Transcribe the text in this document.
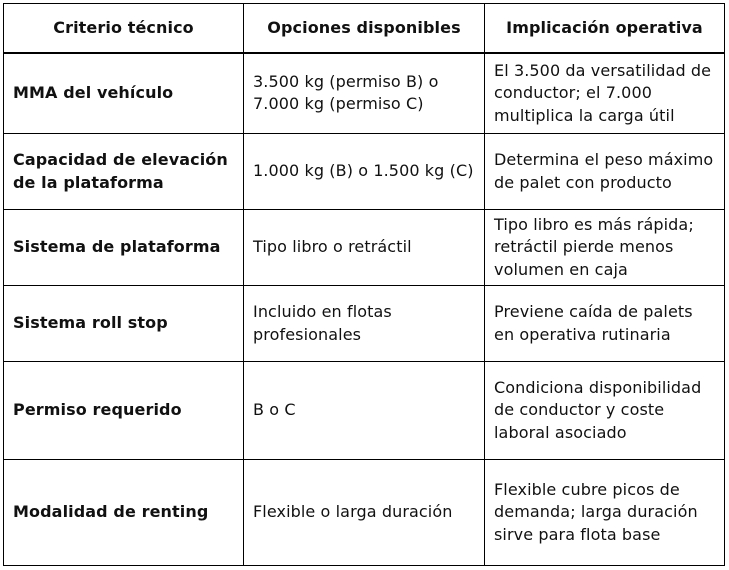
Criterio técnico	Opciones disponibles	Implicación operativa
MMA del vehículo	3.500 kg (permiso B) o 7.000 kg (permiso C)	El 3.500 da versatilidad de conductor; el 7.000 multiplica la carga útil
Capacidad de elevación de la plataforma	1.000 kg (B) o 1.500 kg (C)	Determina el peso máximo de palet con producto
Sistema de plataforma	Tipo libro o retráctil	Tipo libro es más rápida; retráctil pierde menos volumen en caja
Sistema roll stop	Incluido en flotas profesionales	Previene caída de palets en operativa rutinaria
Permiso requerido	B o C	Condiciona disponibilidad de conductor y coste laboral asociado
Modalidad de renting	Flexible o larga duración	Flexible cubre picos de demanda; larga duración sirve para flota base
